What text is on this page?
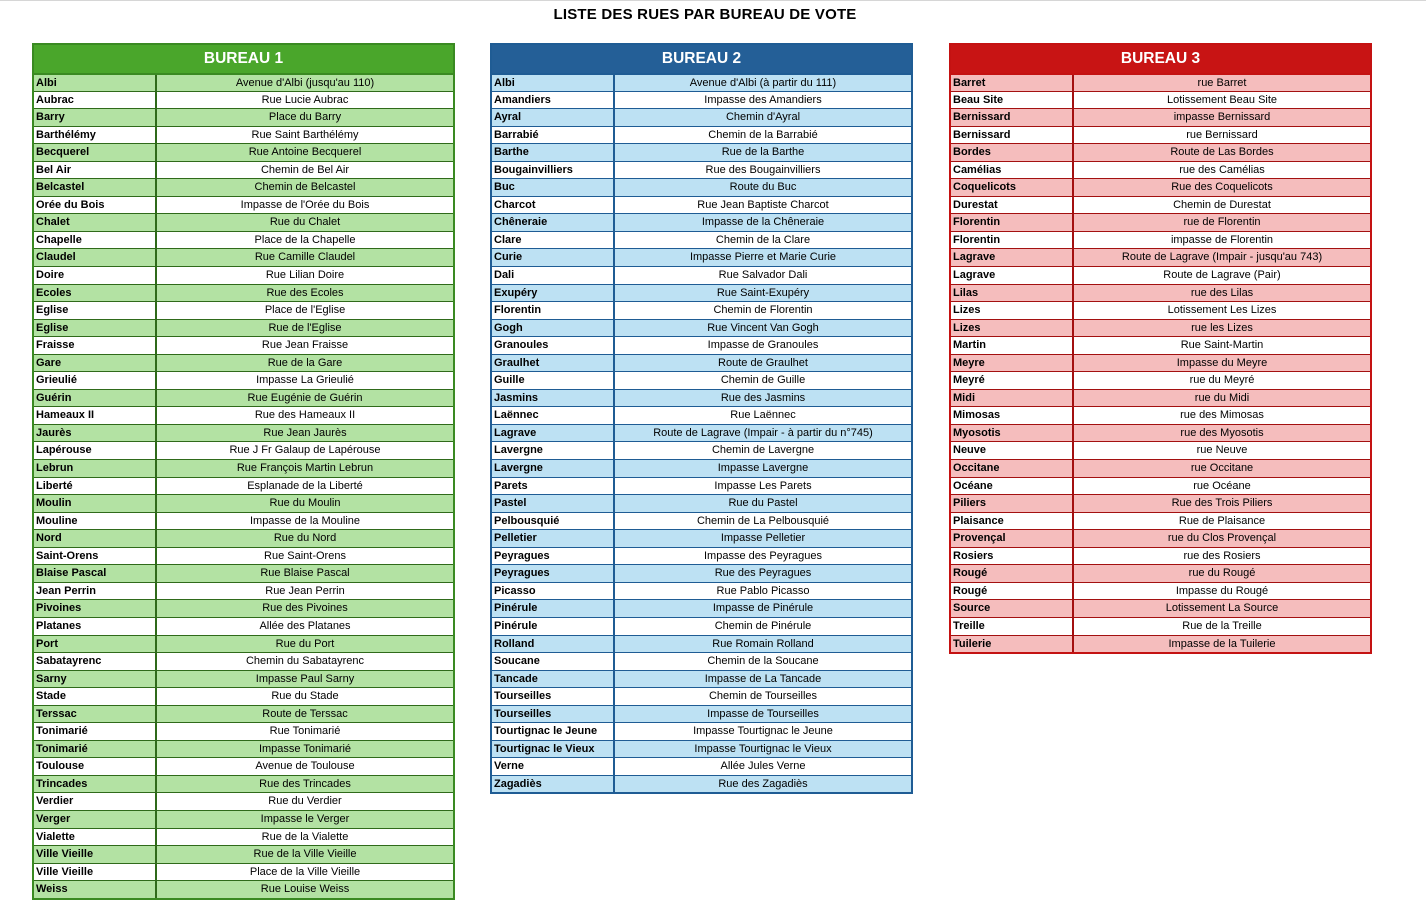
LISTE DES RUES PAR BUREAU DE VOTE
BUREAU 1
Albi	Avenue d'Albi (jusqu'au 110)
Aubrac	Rue Lucie Aubrac
Barry	Place du Barry
Barthélémy	Rue Saint Barthélémy
Becquerel	Rue Antoine Becquerel
Bel Air	Chemin de Bel Air
Belcastel	Chemin de Belcastel
Orée du Bois	Impasse de l'Orée du Bois
Chalet	Rue du Chalet
Chapelle	Place de la Chapelle
Claudel	Rue Camille Claudel
Doire	Rue Lilian Doire
Ecoles	Rue des Ecoles
Eglise	Place de l'Eglise
Eglise	Rue de l'Eglise
Fraisse	Rue Jean Fraisse
Gare	Rue de la Gare
Grieulié	Impasse La Grieulié
Guérin	Rue Eugénie de Guérin
Hameaux II	Rue des Hameaux II
Jaurès	Rue Jean Jaurès
Lapérouse	Rue J Fr Galaup de Lapérouse
Lebrun	Rue François Martin Lebrun
Liberté	Esplanade de la Liberté
Moulin	Rue du Moulin
Mouline	Impasse de la Mouline
Nord	Rue du Nord
Saint-Orens	Rue Saint-Orens
Blaise Pascal	Rue Blaise Pascal
Jean Perrin	Rue Jean Perrin
Pivoines	Rue des Pivoines
Platanes	Allée des Platanes
Port	Rue du Port
Sabatayrenc	Chemin du Sabatayrenc
Sarny	Impasse Paul Sarny
Stade	Rue du Stade
Terssac	Route de Terssac
Tonimarié	Rue Tonimarié
Tonimarié	Impasse Tonimarié
Toulouse	Avenue de Toulouse
Trincades	Rue des Trincades
Verdier	Rue du Verdier
Verger	Impasse le Verger
Vialette	Rue de la Vialette
Ville Vieille	Rue de la Ville Vieille
Ville Vieille	Place de la Ville Vieille
Weiss	Rue Louise Weiss
BUREAU 2
Albi	Avenue d'Albi (à partir du 111)
Amandiers	Impasse des Amandiers
Ayral	Chemin d'Ayral
Barrabié	Chemin de la Barrabié
Barthe	Rue de la Barthe
Bougainvilliers	Rue des Bougainvilliers
Buc	Route du Buc
Charcot	Rue Jean Baptiste Charcot
Chêneraie	Impasse de la Chêneraie
Clare	Chemin de la Clare
Curie	Impasse Pierre et Marie Curie
Dali	Rue Salvador Dali
Exupéry	Rue Saint-Exupéry
Florentin	Chemin de Florentin
Gogh	Rue Vincent Van Gogh
Granoules	Impasse de Granoules
Graulhet	Route de Graulhet
Guille	Chemin de Guille
Jasmins	Rue des Jasmins
Laënnec	Rue Laënnec
Lagrave	Route de Lagrave (Impair - à partir du n°745)
Lavergne	Chemin de Lavergne
Lavergne	Impasse Lavergne
Parets	Impasse Les Parets
Pastel	Rue du Pastel
Pelbousquié	Chemin de La Pelbousquié
Pelletier	Impasse Pelletier
Peyragues	Impasse des Peyragues
Peyragues	Rue des Peyragues
Picasso	Rue Pablo Picasso
Pinérule	Impasse de Pinérule
Pinérule	Chemin de Pinérule
Rolland	Rue Romain Rolland
Soucane	Chemin de la Soucane
Tancade	Impasse de La Tancade
Tourseilles	Chemin de Tourseilles
Tourseilles	Impasse de Tourseilles
Tourtignac le Jeune	Impasse Tourtignac le Jeune
Tourtignac le Vieux	Impasse Tourtignac le Vieux
Verne	Allée Jules Verne
Zagadiès	Rue des Zagadiès
BUREAU 3
Barret	rue Barret
Beau Site	Lotissement Beau Site
Bernissard	impasse Bernissard
Bernissard	rue Bernissard
Bordes	Route de Las Bordes
Camélias	rue des Camélias
Coquelicots	Rue des Coquelicots
Durestat	Chemin de Durestat
Florentin	rue de Florentin
Florentin	impasse de Florentin
Lagrave	Route de Lagrave (Impair - jusqu'au 743)
Lagrave	Route de Lagrave (Pair)
Lilas	rue des Lilas
Lizes	Lotissement Les Lizes
Lizes	rue les Lizes
Martin	Rue Saint-Martin
Meyre	Impasse du Meyre
Meyré	rue du Meyré
Midi	rue du Midi
Mimosas	rue des Mimosas
Myosotis	rue des Myosotis
Neuve	rue Neuve
Occitane	rue Occitane
Océane	rue Océane
Piliers	Rue des Trois Piliers
Plaisance	Rue de Plaisance
Provençal	rue du Clos Provençal
Rosiers	rue des Rosiers
Rougé	rue du Rougé
Rougé	Impasse du Rougé
Source	Lotissement La Source
Treille	Rue de la Treille
Tuilerie	Impasse de la Tuilerie
